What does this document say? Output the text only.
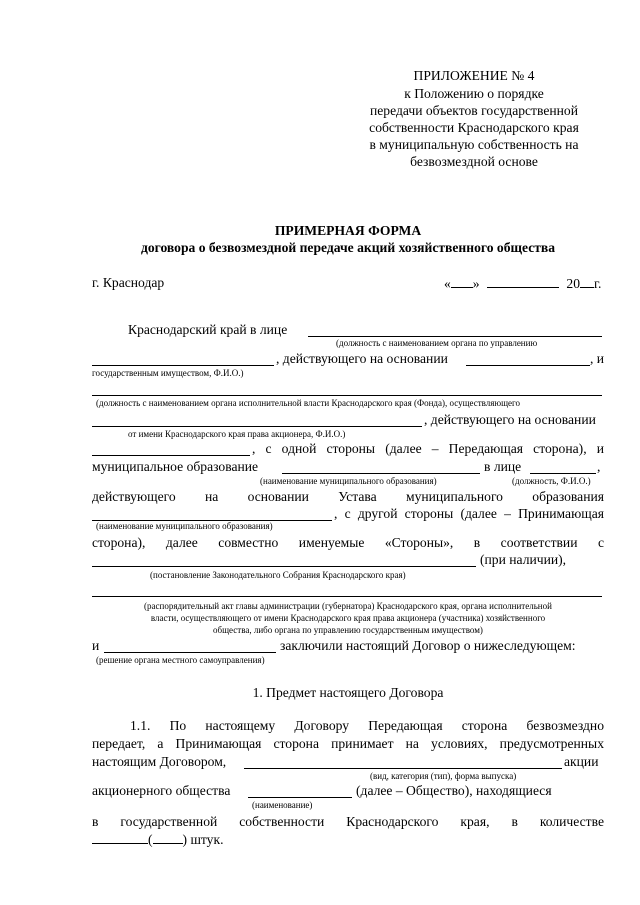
ПРИЛОЖЕНИЕ № 4
к Положению о порядке
передачи объектов государственной
собственности Краснодарского края
в муниципальную собственность на
безвозмездной основе
ПРИМЕРНАЯ ФОРМА
договора о безвозмездной передаче акций хозяйственного общества
г. Краснодар	« »	20 г.
Краснодарский край в лице
(должность с наименованием органа по управлению
, действующего на основании	, и
государственным имуществом, Ф.И.О.)
(должность с наименованием органа исполнительной власти Краснодарского края (Фонда), осуществляющего
, действующего на основании
от имени Краснодарского края права акционера, Ф.И.О.)
, с одной стороны (далее – Передающая сторона), и
муниципальное образование	в лице	,
(наименование муниципального образования)	(должность, Ф.И.О.)
действующего на основании Устава муниципального образования
, с другой стороны (далее – Принимающая
(наименование муниципального образования)
сторона), далее совместно именуемые «Стороны», в соответствии с
(при наличии),
(постановление Законодательного Собрания Краснодарского края)
(распорядительный акт главы администрации (губернатора) Краснодарского края, органа исполнительной
власти, осуществляющего от имени Краснодарского края права акционера (участника) хозяйственного
общества, либо органа по управлению государственным имуществом)
и	заключили настоящий Договор о нижеследующем:
(решение органа местного самоуправления)
1. Предмет настоящего Договора
1.1. По настоящему Договору Передающая сторона безвозмездно
передает, а Принимающая сторона принимает на условиях, предусмотренных
настоящим Договором,	акции
(вид, категория (тип), форма выпуска)
акционерного общества	(далее – Общество), находящиеся
(наименование)
в государственной собственности Краснодарского края, в количестве
( ) штук.
